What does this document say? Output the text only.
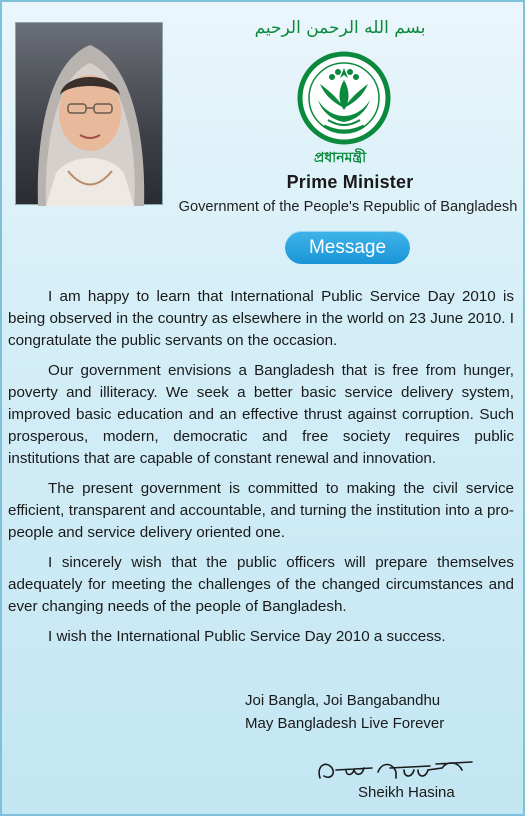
بسم الله الرحمن الرحيم
প্রধানমন্ত্রী
Prime Minister
Government of the People's Republic of Bangladesh
Message

I am happy to learn that International Public Service Day 2010 is being observed in the country as elsewhere in the world on 23 June 2010. I congratulate the public servants on the occasion.

Our government envisions a Bangladesh that is free from hunger, poverty and illiteracy. We seek a better basic service delivery system, improved basic education and an effective thrust against corruption. Such prosperous, modern, democratic and free society requires public institutions that are capable of constant renewal and innovation.

The present government is committed to making the civil service efficient, transparent and accountable, and turning the institution into a pro-people and service delivery oriented one.

I sincerely wish that the public officers will prepare themselves adequately for meeting the challenges of the changed circumstances and ever changing needs of the people of Bangladesh.

I wish the International Public Service Day 2010 a success.

Joi Bangla, Joi Bangabandhu
May Bangladesh Live Forever
Sheikh Hasina
